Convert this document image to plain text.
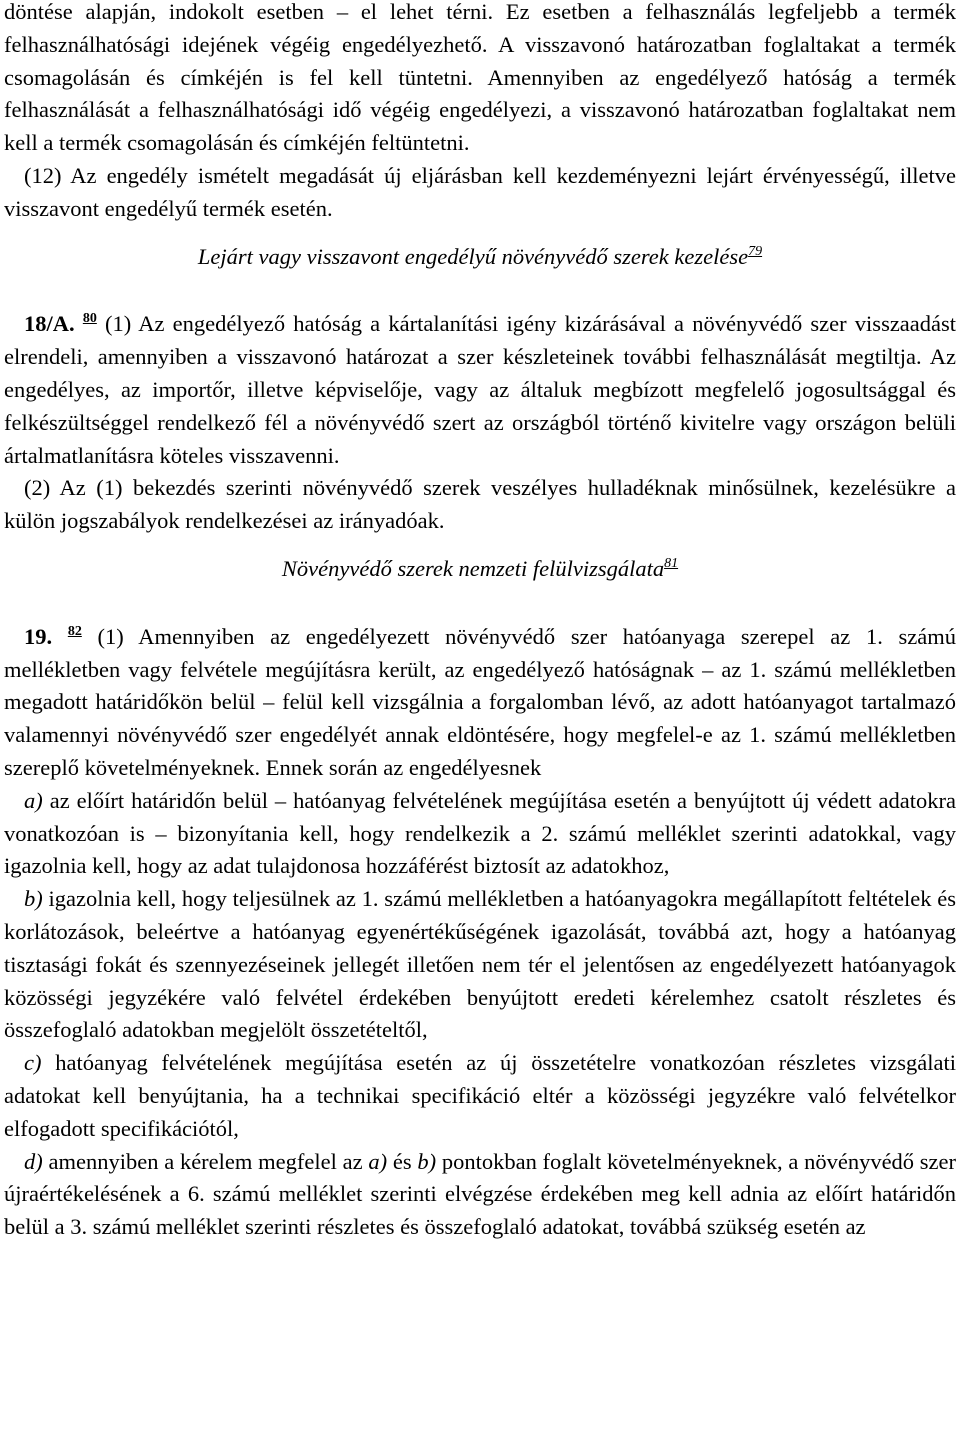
döntése alapján, indokolt esetben – el lehet térni. Ez esetben a felhasználás legfeljebb a termék felhasználhatósági idejének végéig engedélyezhető. A visszavonó határozatban foglaltakat a termék csomagolásán és címkéjén is fel kell tüntetni. Amennyiben az engedélyező hatóság a termék felhasználását a felhasználhatósági idő végéig engedélyezi, a visszavonó határozatban foglaltakat nem kell a termék csomagolásán és címkéjén feltüntetni.

(12) Az engedély ismételt megadását új eljárásban kell kezdeményezni lejárt érvényességű, illetve visszavont engedélyű termék esetén.

Lejárt vagy visszavont engedélyű növényvédő szerek kezelése$^{79}$

18/A. $^{80}$ (1) Az engedélyező hatóság a kártalanítási igény kizárásával a növényvédő szer visszaadást elrendeli, amennyiben a visszavonó határozat a szer készleteinek további felhasználását megtiltja. Az engedélyes, az importőr, illetve képviselője, vagy az általuk megbízott megfelelő jogosultsággal és felkészültséggel rendelkező fél a növényvédő szert az országból történő kivitelre vagy országon belüli ártalmatlanításra köteles visszavenni.

(2) Az (1) bekezdés szerinti növényvédő szerek veszélyes hulladéknak minősülnek, kezelésükre a külön jogszabályok rendelkezései az irányadóak.

Növényvédő szerek nemzeti felülvizsgálata$^{81}$

19. $^{82}$ (1) Amennyiben az engedélyezett növényvédő szer hatóanyaga szerepel az 1. számú mellékletben vagy felvétele megújításra került, az engedélyező hatóságnak – az 1. számú mellékletben megadott határidőkön belül – felül kell vizsgálnia a forgalomban lévő, az adott hatóanyagot tartalmazó valamennyi növényvédő szer engedélyét annak eldöntésére, hogy megfelel-e az 1. számú mellékletben szereplő követelményeknek. Ennek során az engedélyesnek

a) az előírt határidőn belül – hatóanyag felvételének megújítása esetén a benyújtott új védett adatokra vonatkozóan is – bizonyítania kell, hogy rendelkezik a 2. számú melléklet szerinti adatokkal, vagy igazolnia kell, hogy az adat tulajdonosa hozzáférést biztosít az adatokhoz,

b) igazolnia kell, hogy teljesülnek az 1. számú mellékletben a hatóanyagokra megállapított feltételek és korlátozások, beleértve a hatóanyag egyenértékűségének igazolását, továbbá azt, hogy a hatóanyag tisztasági fokát és szennyezéseinek jellegét illetően nem tér el jelentősen az engedélyezett hatóanyagok közösségi jegyzékére való felvétel érdekében benyújtott eredeti kérelemhez csatolt részletes és összefoglaló adatokban megjelölt összetételtől,

c) hatóanyag felvételének megújítása esetén az új összetételre vonatkozóan részletes vizsgálati adatokat kell benyújtania, ha a technikai specifikáció eltér a közösségi jegyzékre való felvételkor elfogadott specifikációtól,

d) amennyiben a kérelem megfelel az a) és b) pontokban foglalt követelményeknek, a növényvédő szer újraértékelésének a 6. számú melléklet szerinti elvégzése érdekében meg kell adnia az előírt határidőn belül a 3. számú melléklet szerinti részletes és összefoglaló adatokat, továbbá szükség esetén az
